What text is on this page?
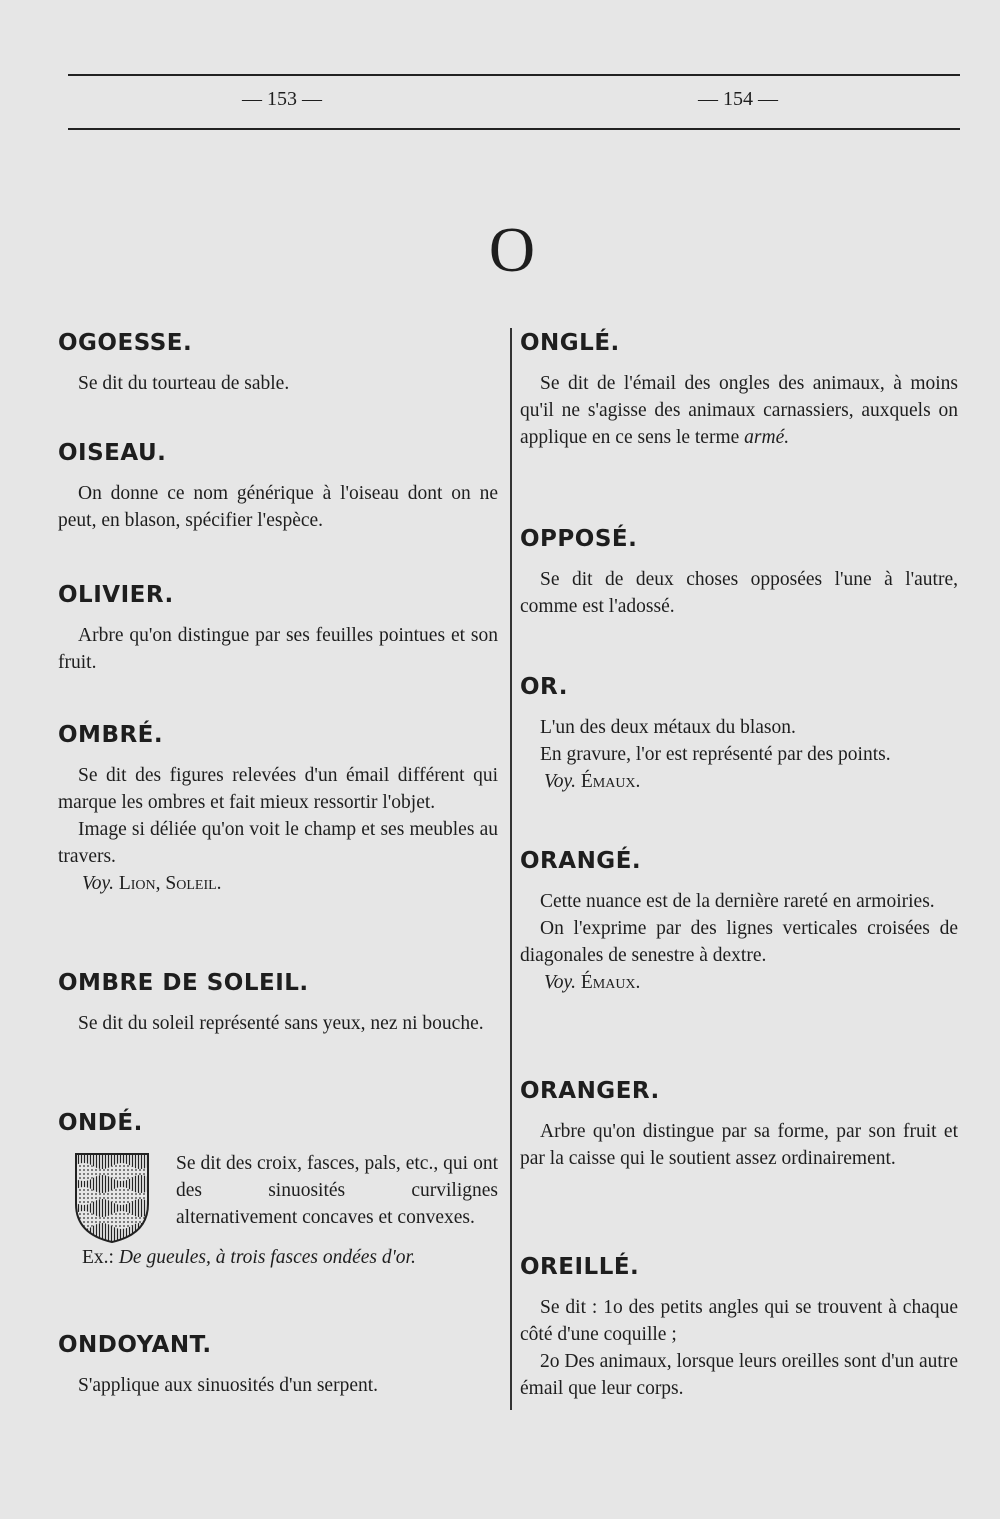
— 153 —	— 154 —
O
OGOESSE.

Se dit du tourteau de sable.

OISEAU.

On donne ce nom générique à l'oiseau dont on ne peut, en blason, spécifier l'espèce.

OLIVIER.

Arbre qu'on distingue par ses feuilles pointues et son fruit.

OMBRÉ.

Se dit des figures relevées d'un émail différent qui marque les ombres et fait mieux ressortir l'objet.

Image si déliée qu'on voit le champ et ses meubles au travers.

Voy. Lion, Soleil.

OMBRE DE SOLEIL.

Se dit du soleil représenté sans yeux, nez ni bouche.

ONDÉ.
Se dit des croix, fasces, pals, etc., qui ont des sinuosités curvilignes alternativement concaves et convexes.

Ex.: De gueules, à trois fasces ondées d'or.

ONDOYANT.

S'applique aux sinuosités d'un serpent.

ONGLÉ.

Se dit de l'émail des ongles des animaux, à moins qu'il ne s'agisse des animaux carnassiers, auxquels on applique en ce sens le terme armé.

OPPOSÉ.

Se dit de deux choses opposées l'une à l'autre, comme est l'adossé.

OR.

L'un des deux métaux du blason.

En gravure, l'or est représenté par des points.

Voy. Émaux.

ORANGÉ.

Cette nuance est de la dernière rareté en armoiries.

On l'exprime par des lignes verticales croisées de diagonales de senestre à dextre.

Voy. Émaux.

ORANGER.

Arbre qu'on distingue par sa forme, par son fruit et par la caisse qui le soutient assez ordinairement.

OREILLÉ.

Se dit : 1o des petits angles qui se trouvent à chaque côté d'une coquille ;

2o Des animaux, lorsque leurs oreilles sont d'un autre émail que leur corps.
